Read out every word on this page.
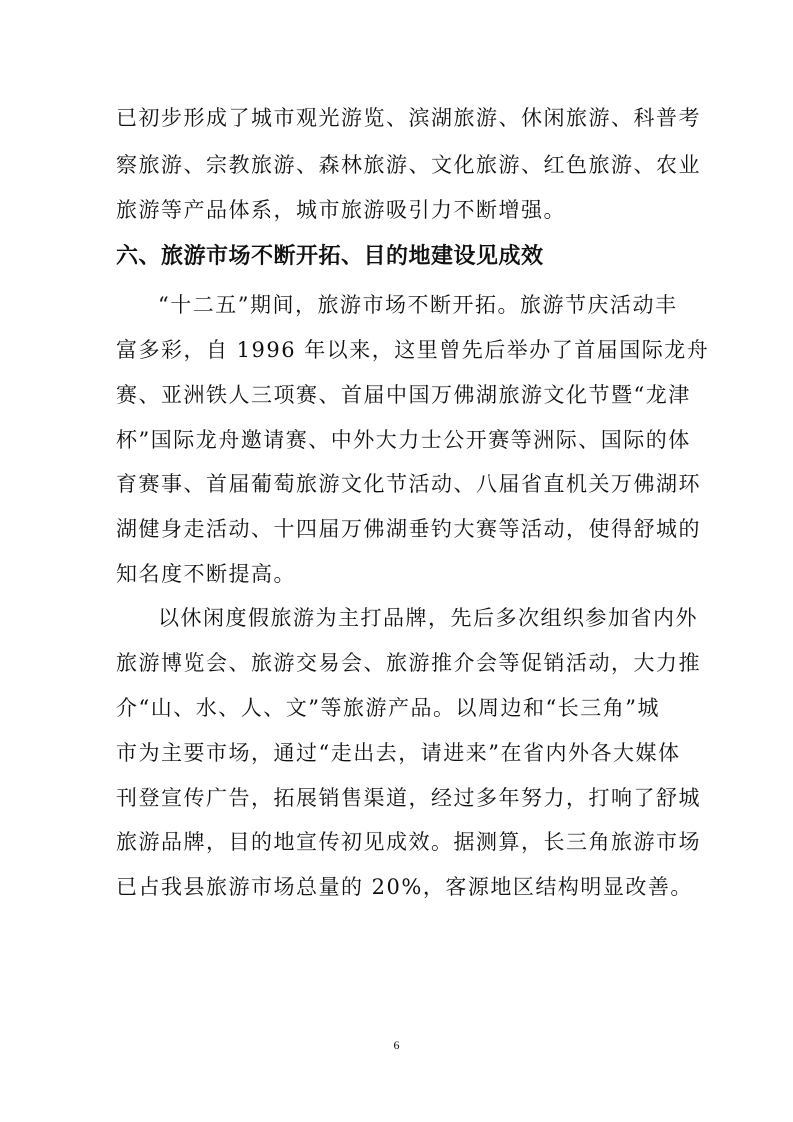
已初步形成了城市观光游览、滨湖旅游、休闲旅游、科普考
察旅游、宗教旅游、森林旅游、文化旅游、红色旅游、农业
旅游等产品体系，城市旅游吸引力不断增强。
六、旅游市场不断开拓、目的地建设见成效
“十二五”期间，旅游市场不断开拓。旅游节庆活动丰
富多彩，自 1996 年以来，这里曾先后举办了首届国际龙舟
赛、亚洲铁人三项赛、首届中国万佛湖旅游文化节暨“龙津
杯”国际龙舟邀请赛、中外大力士公开赛等洲际、国际的体
育赛事、首届葡萄旅游文化节活动、八届省直机关万佛湖环
湖健身走活动、十四届万佛湖垂钓大赛等活动，使得舒城的
知名度不断提高。
以休闲度假旅游为主打品牌，先后多次组织参加省内外
旅游博览会、旅游交易会、旅游推介会等促销活动，大力推
介“山、水、人、文”等旅游产品。以周边和“长三角”城
市为主要市场，通过“走出去，请进来”在省内外各大媒体
刊登宣传广告，拓展销售渠道，经过多年努力，打响了舒城
旅游品牌，目的地宣传初见成效。据测算，长三角旅游市场
已占我县旅游市场总量的 20%，客源地区结构明显改善。
6
